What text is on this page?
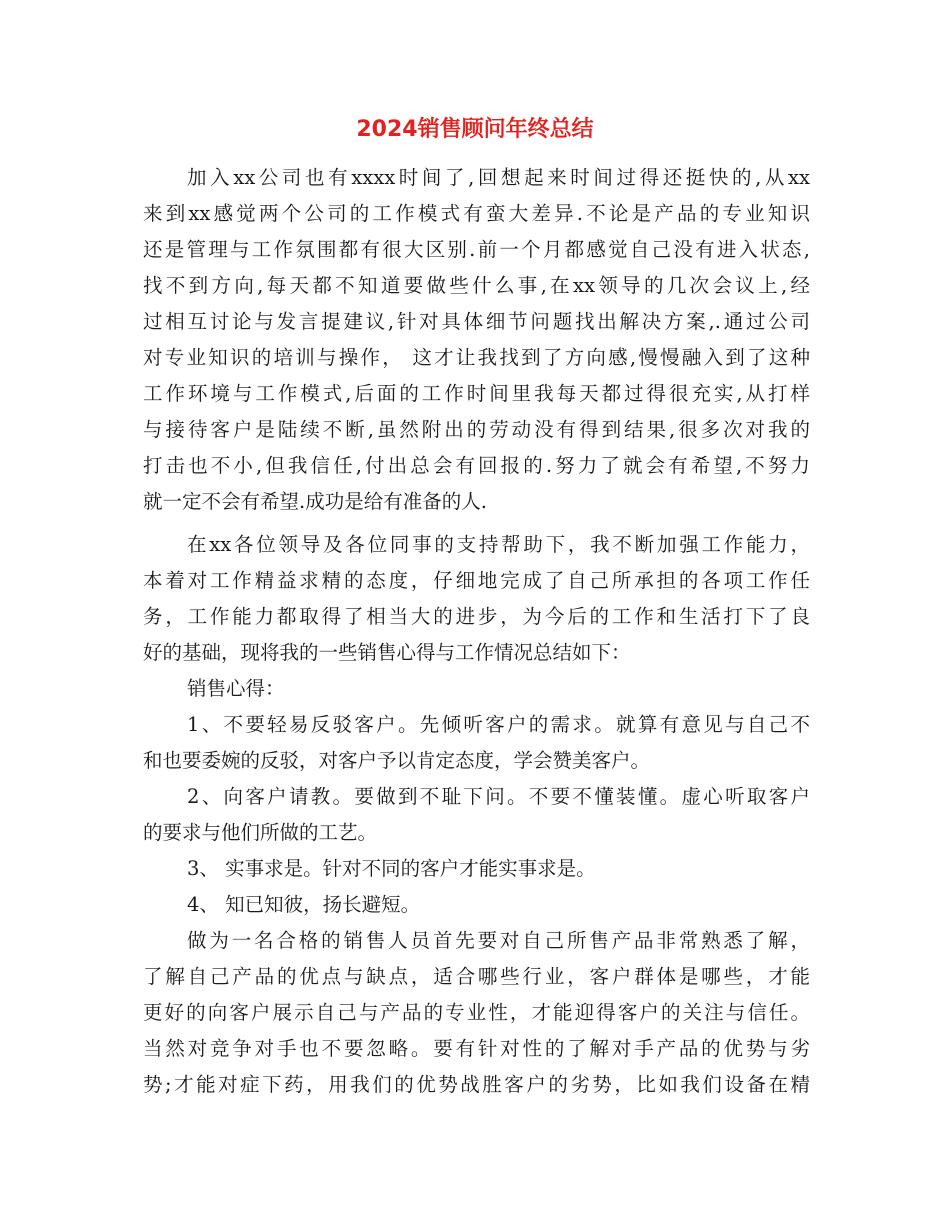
2024销售顾问年终总结
加入xx公司也有xxxx时间了,回想起来时间过得还挺快的,从xx
来到xx感觉两个公司的工作模式有蛮大差异.不论是产品的专业知识
还是管理与工作氛围都有很大区别.前一个月都感觉自己没有进入状态,
找不到方向,每天都不知道要做些什么事,在xx领导的几次会议上,经
过相互讨论与发言提建议,针对具体细节问题找出解决方案,.通过公司
对专业知识的培训与操作， 这才让我找到了方向感,慢慢融入到了这种
工作环境与工作模式,后面的工作时间里我每天都过得很充实,从打样
与接待客户是陆续不断,虽然附出的劳动没有得到结果,很多次对我的
打击也不小,但我信任,付出总会有回报的.努力了就会有希望,不努力
就一定不会有希望.成功是给有准备的人.
在xx各位领导及各位同事的支持帮助下，我不断加强工作能力，
本着对工作精益求精的态度，仔细地完成了自己所承担的各项工作任
务，工作能力都取得了相当大的进步，为今后的工作和生活打下了良
好的基础，现将我的一些销售心得与工作情况总结如下：
销售心得：
1、不要轻易反驳客户。先倾听客户的需求。就算有意见与自己不
和也要委婉的反驳，对客户予以肯定态度，学会赞美客户。
2、向客户请教。要做到不耻下问。不要不懂装懂。虚心听取客户
的要求与他们所做的工艺。
3、 实事求是。针对不同的客户才能实事求是。
4、 知已知彼，扬长避短。
做为一名合格的销售人员首先要对自己所售产品非常熟悉了解，
了解自己产品的优点与缺点，适合哪些行业，客户群体是哪些，才能
更好的向客户展示自己与产品的专业性，才能迎得客户的关注与信任。
当然对竞争对手也不要忽略。要有针对性的了解对手产品的优势与劣
势;才能对症下药，用我们的优势战胜客户的劣势，比如我们设备在精
